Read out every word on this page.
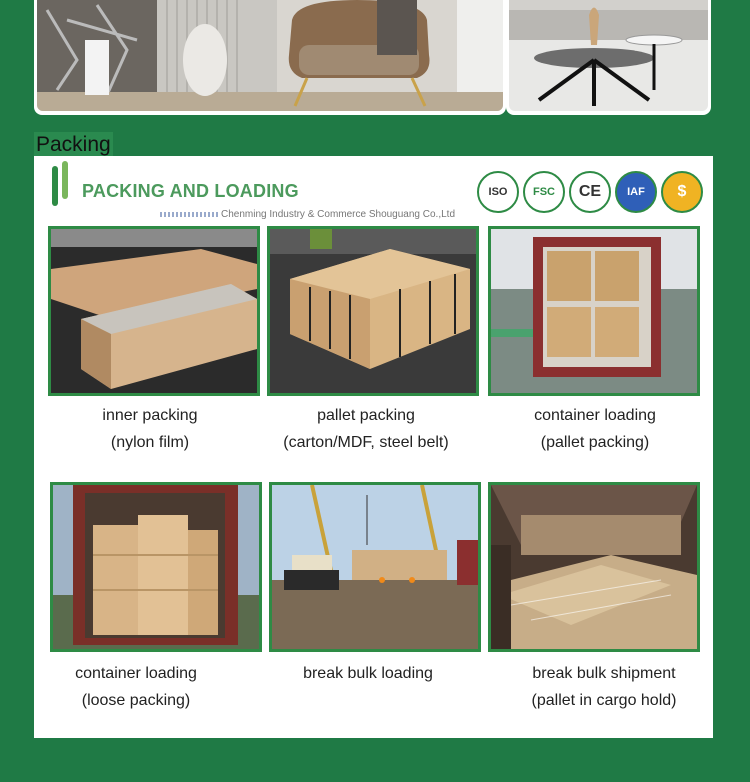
Packing
PACKING AND LOADING
Chenming Industry & Commerce Shouguang Co.,Ltd
ISO	FSC	CE	IAF	$
inner packing
(nylon film)
pallet packing
(carton/MDF, steel belt)
container loading
(pallet packing)
container loading
(loose packing)
break bulk loading	break bulk shipment
(pallet in cargo hold)
